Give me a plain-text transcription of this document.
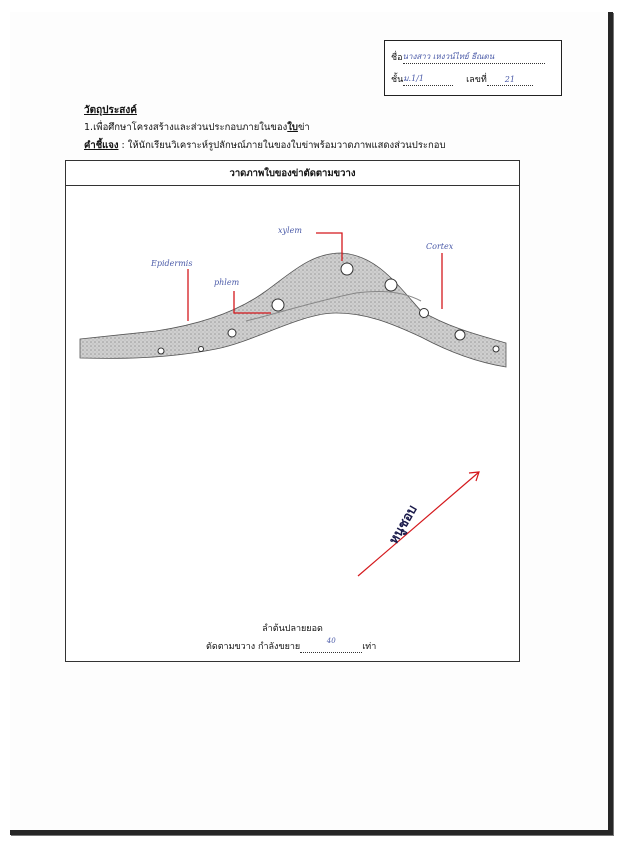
ชื่อนางสาว เหงวน์ไทย์ ธีณตน
ชั้นม.1/1	เลขที่ 21
วัตถุประสงค์
1.เพื่อศึกษาโครงสร้างและส่วนประกอบภายในของใบข่า
คำชี้แจง : ให้นักเรียนวิเคราะห์รูปลักษณ์ภายในของใบข่าพร้อมวาดภาพแสดงส่วนประกอบ
วาดภาพใบของข่าตัดตามขวาง
Epidermis
phlem
xylem
Cortex
หนูชอบ
ลำต้นปลายยอด
ตัดตามขวาง กำลังขยาย$^{40}$เท่า
